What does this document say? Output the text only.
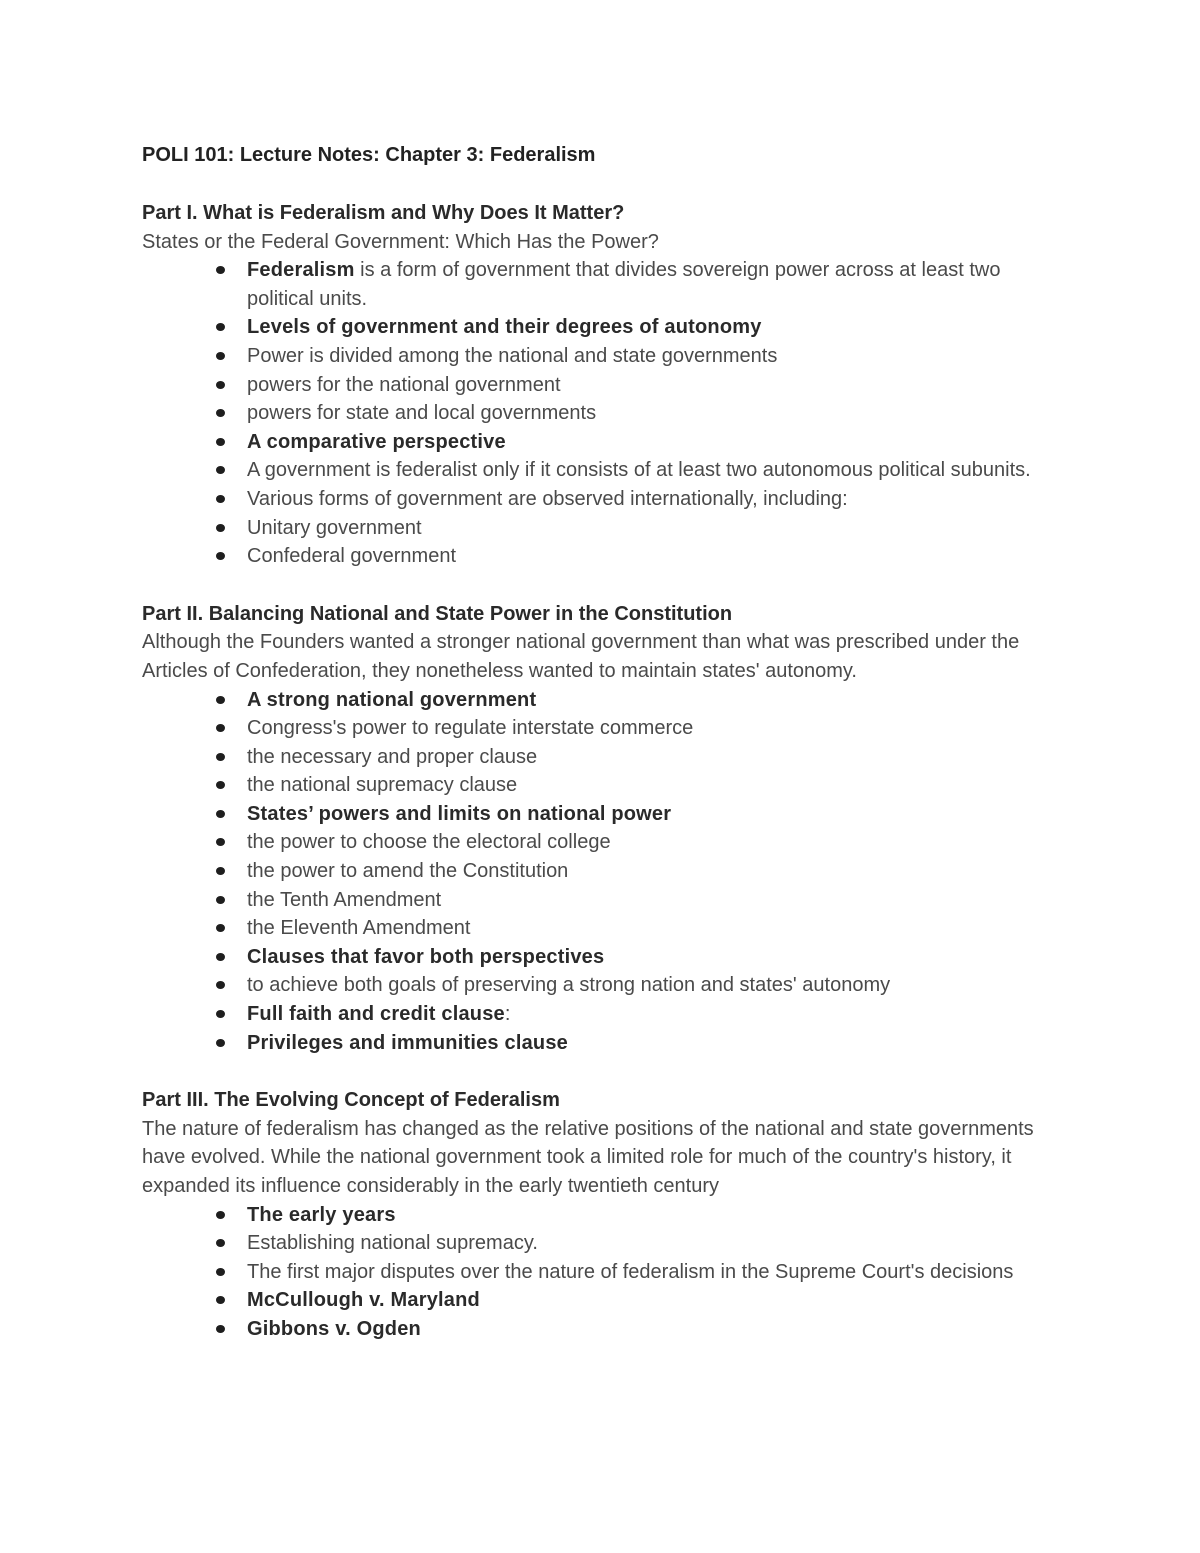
POLI 101: Lecture Notes: Chapter 3: Federalism
Part I. What is Federalism and Why Does It Matter?
States or the Federal Government: Which Has the Power?
Federalism is a form of government that divides sovereign power across at least two political units.
Levels of government and their degrees of autonomy
Power is divided among the national and state governments
powers for the national government
powers for state and local governments
A comparative perspective
A government is federalist only if it consists of at least two autonomous political subunits.
Various forms of government are observed internationally, including:
Unitary government
Confederal government
Part II. Balancing National and State Power in the Constitution
Although the Founders wanted a stronger national government than what was prescribed under the Articles of Confederation, they nonetheless wanted to maintain states' autonomy.
A strong national government
Congress's power to regulate interstate commerce
the necessary and proper clause
the national supremacy clause
States’ powers and limits on national power
the power to choose the electoral college
the power to amend the Constitution
the Tenth Amendment
the Eleventh Amendment
Clauses that favor both perspectives
to achieve both goals of preserving a strong nation and states' autonomy
Full faith and credit clause:
Privileges and immunities clause
Part III. The Evolving Concept of Federalism
The nature of federalism has changed as the relative positions of the national and state governments have evolved. While the national government took a limited role for much of the country's history, it expanded its influence considerably in the early twentieth century
The early years
Establishing national supremacy.
The first major disputes over the nature of federalism in the Supreme Court's decisions
McCullough v. Maryland
Gibbons v. Ogden
